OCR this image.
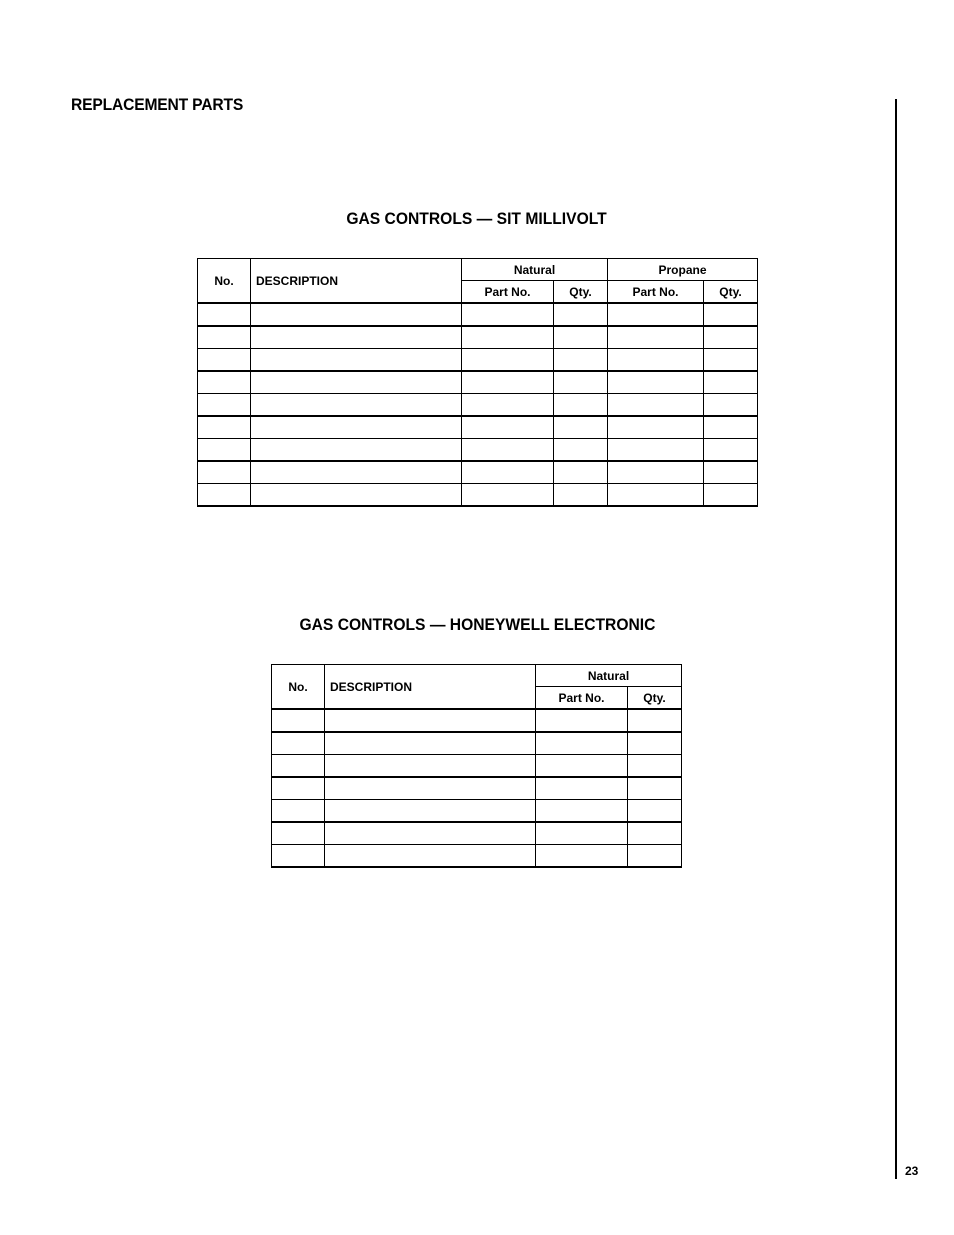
REPLACEMENT PARTS
GAS CONTROLS — SIT MILLIVOLT
No.	DESCRIPTION	Natural		Propane	
		Part No.	Qty.	Part No.	Qty.

GAS CONTROLS — HONEYWELL ELECTRONIC
No.	DESCRIPTION	Natural	
		Part No.	Qty.

23
